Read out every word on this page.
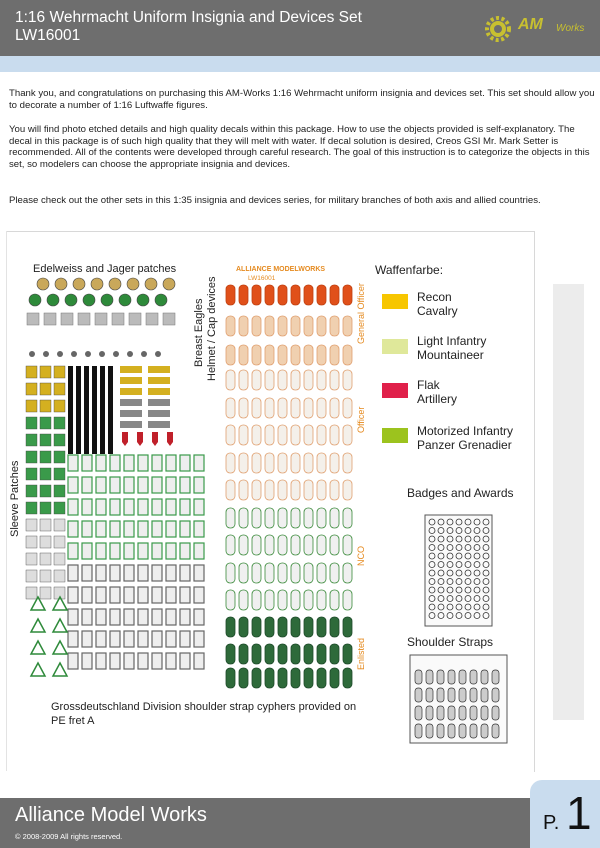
1:16 Wehrmacht Uniform Insignia and Devices Set
LW16001
AM Works
Thank you, and congratulations on purchasing this AM-Works 1:16 Wehrmacht uniform insignia and devices set. This set should allow you to decorate a number of 1:16 Luftwaffe figures.
You will find photo etched details and high quality decals within this package. How to use the objects provided is self-explanatory. The decal in this package is of such high quality that they will melt with water. If decal solution is desired, Creos GSI Mr. Mark Setter is recommended. All of the contents were developed through careful research. The goal of this instruction is to categorize the objects in this set, so modelers can choose the appropriate insignia and devices.
Please check out the other sets in this 1:35 insignia and devices series, for military branches of both axis and allied countries.
Edelweiss and Jager patches
Sleeve Patches
Breast Eagles Helmet / Cap devices	General Officer
Officer
NCO
Enlisted
ALLIANCE MODELWORKS
LW16001
Grossdeutschland Division shoulder strap cyphers provided on PE fret A
Waffenfarbe:
Recon
Cavalry
Light Infantry
Mountaineer
Flak
Artillery
Motorized Infantry
Panzer Grenadier
Badges and Awards
Shoulder Straps
Alliance Model Works
© 2008-2009 All rights reserved.
P. 1
